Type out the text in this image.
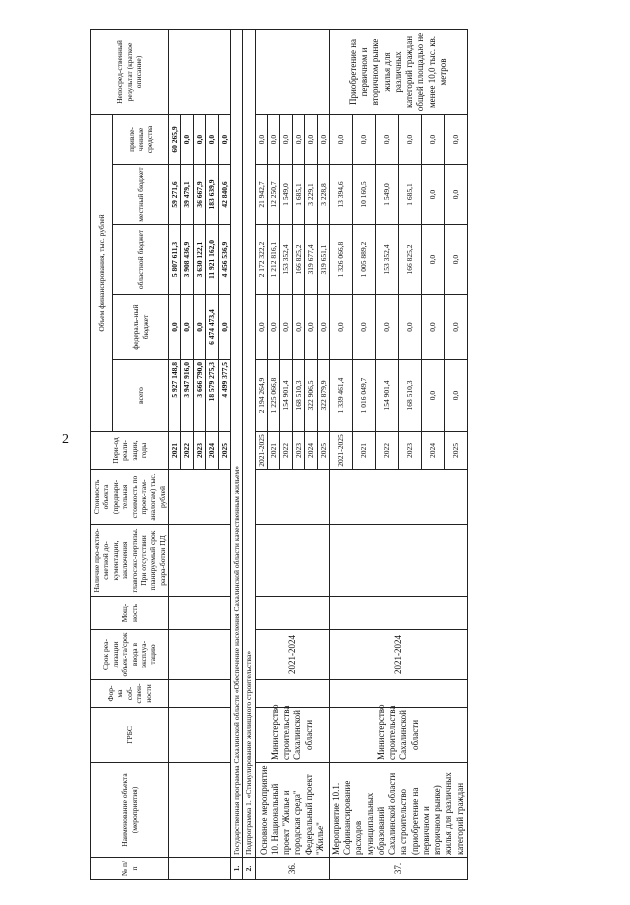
2
№ п/п	Наименование объекта (мероприятия)	ГРБС	Фор-ма соб-ствен-ности	Срок реа-лизации объек-та/срок ввода в эксплуа-тацию	Мощ-ность	Наличие про-ектно-сметной до-кументации, заключения главгосэкс-пертизы. При отсутствии планируемый срок разра-ботки ПД	Стоимость объекта (предвари-тельная стоимость по проек-там-аналогам) тыс. рублей	Пери-од реали-зации, годы	Объем финансирования, тыс. рублей					Непосред-ственный результат (краткое описание)
									всего	федераль-ный бюджет	областной бюджет	местный бюджет	привле-ченные средства	
								2021	5 927 148,8	0,0	5 807 611,3	59 271,6	60 265,9	
								2022	3 947 916,0	0,0	3 908 436,9	39 479,1	0,0	
								2023	3 666 790,0	0,0	3 630 122,1	36 667,9	0,0	
								2024	18 579 275,3	6 474 473,4	11 921 162,0	183 639,9	0,0	
								2025	4 499 377,5	0,0	4 456 536,9	42 840,6	0,0	
1.	Государственная программа Сахалинской области «Обеспечение населения Сахалинской области качественным жильем»													
2.	Подпрограмма 1. «Стимулирование жилищного строительства»													
36.	Основное мероприятие 10. Национальный проект "Жилье и городская среда" Федеральный проект "Жилье"	Министерство строительства Сахалинской области		2021-2024				2021-2025	2 194 264,9	0,0	2 172 322,2	21 942,7	0,0	
								2021	1 225 066,8	0,0	1 212 816,1	12 250,7	0,0	
								2022	154 901,4	0,0	153 352,4	1 549,0	0,0	
								2023	168 510,3	0,0	166 825,2	1 685,1	0,0	
								2024	322 906,5	0,0	319 677,4	3 229,1	0,0	
								2025	322 879,9	0,0	319 651,1	3 228,8	0,0	
37.	Мероприятие 10.1. Софинансирование расходов муниципальных образований Сахалинской области на строительство (приобретение на первичном и вторичном рынке) жилья для различных категорий граждан	Министерство строительства Сахалинской области		2021-2024				2021-2025	1 339 461,4	0,0	1 326 066,8	13 394,6	0,0	Приобретение на первичном и вторичном рынке жилья для различных категорий граждан общей площадью не менее 10,0 тыс. кв. метров
								2021	1 016 049,7	0,0	1 005 889,2	10 160,5	0,0	
								2022	154 901,4	0,0	153 352,4	1 549,0	0,0	
								2023	168 510,3	0,0	166 825,2	1 685,1	0,0	
								2024	0,0	0,0	0,0	0,0	0,0	
								2025	0,0	0,0	0,0	0,0	0,0	
